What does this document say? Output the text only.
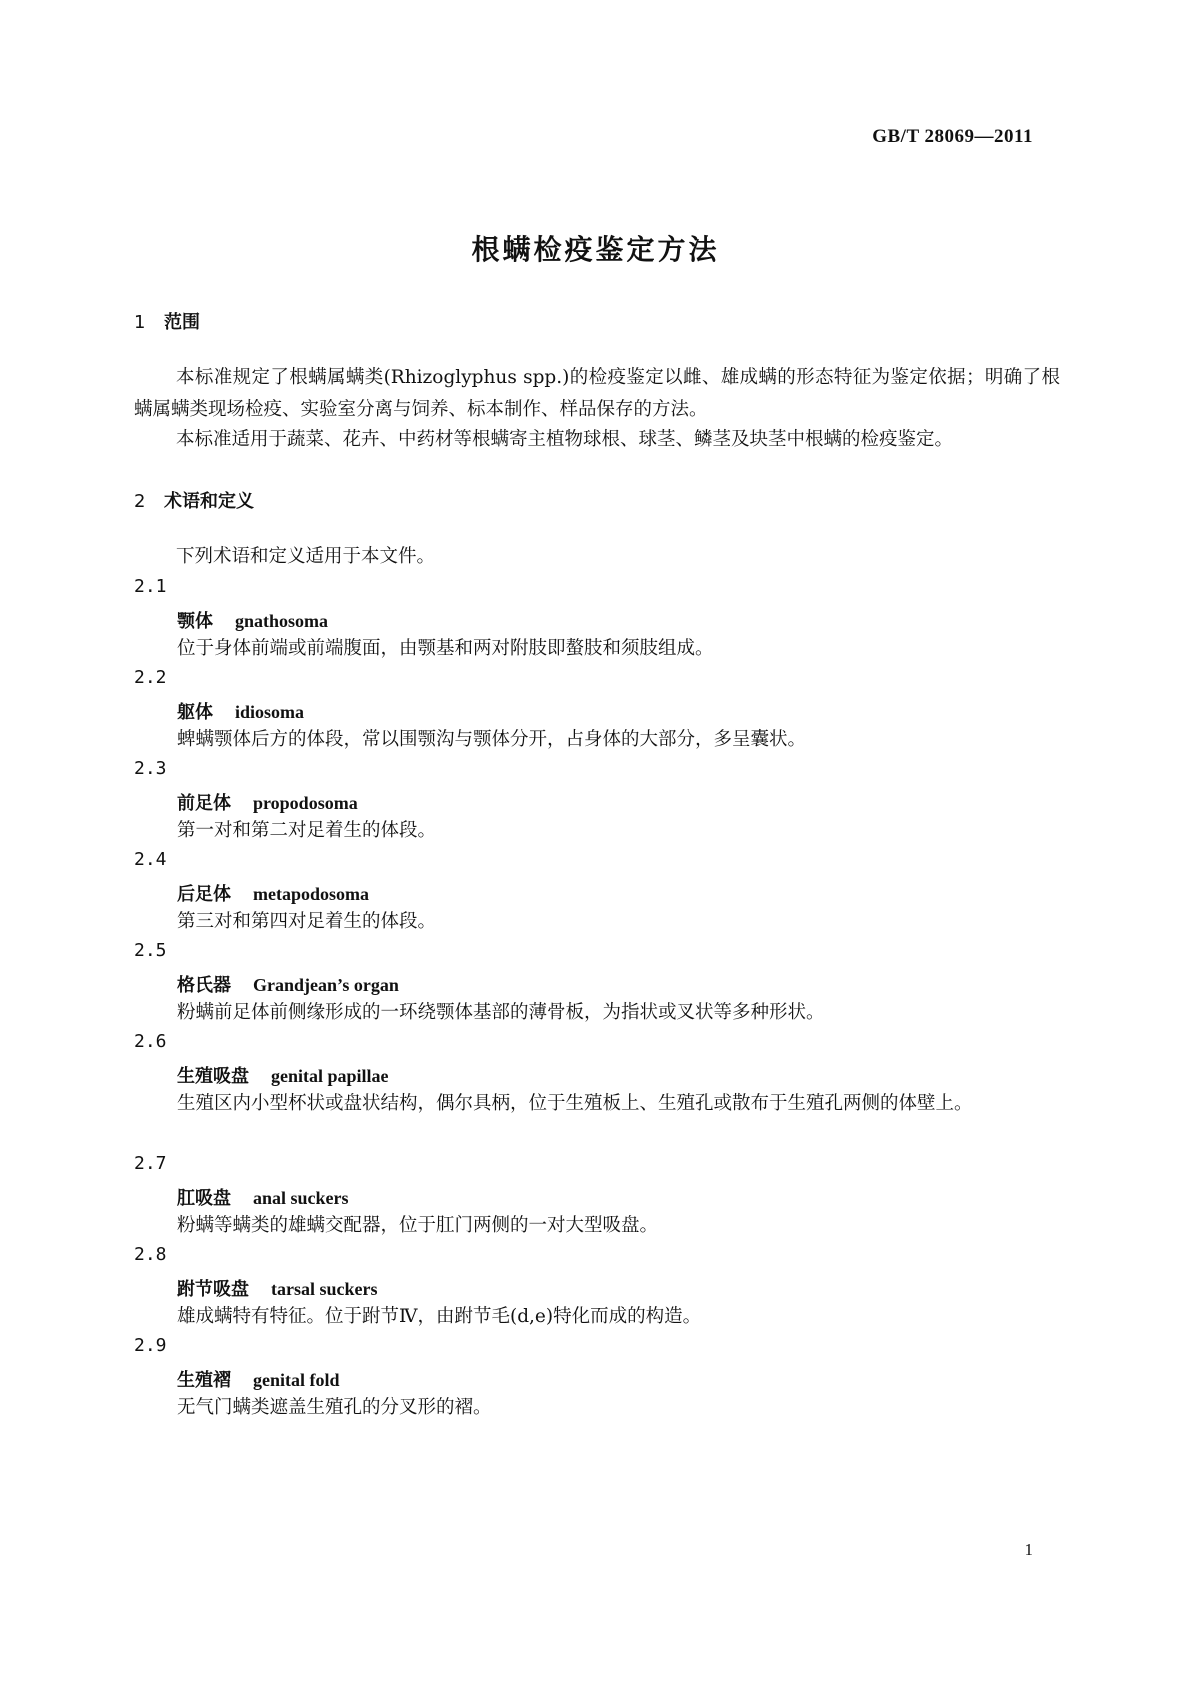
GB/T 28069—2011
根螨检疫鉴定方法
1 范围
本标准规定了根螨属螨类(Rhizoglyphus spp.)的检疫鉴定以雌、雄成螨的形态特征为鉴定依据；明确了根螨属螨类现场检疫、实验室分离与饲养、标本制作、样品保存的方法。
本标准适用于蔬菜、花卉、中药材等根螨寄主植物球根、球茎、鳞茎及块茎中根螨的检疫鉴定。
2 术语和定义
下列术语和定义适用于本文件。
2.1
颚体 gnathosoma
位于身体前端或前端腹面，由颚基和两对附肢即螯肢和须肢组成。
2.2
躯体 idiosoma
蜱螨颚体后方的体段，常以围颚沟与颚体分开，占身体的大部分，多呈囊状。
2.3
前足体 propodosoma
第一对和第二对足着生的体段。
2.4
后足体 metapodosoma
第三对和第四对足着生的体段。
2.5
格氏器 Grandjean’s organ
粉螨前足体前侧缘形成的一环绕颚体基部的薄骨板，为指状或叉状等多种形状。
2.6
生殖吸盘 genital papillae
生殖区内小型杯状或盘状结构，偶尔具柄，位于生殖板上、生殖孔或散布于生殖孔两侧的体壁上。
2.7
肛吸盘 anal suckers
粉螨等螨类的雄螨交配器，位于肛门两侧的一对大型吸盘。
2.8
跗节吸盘 tarsal suckers
雄成螨特有特征。位于跗节Ⅳ，由跗节毛(d,e)特化而成的构造。
2.9
生殖褶 genital fold
无气门螨类遮盖生殖孔的分叉形的褶。
1
